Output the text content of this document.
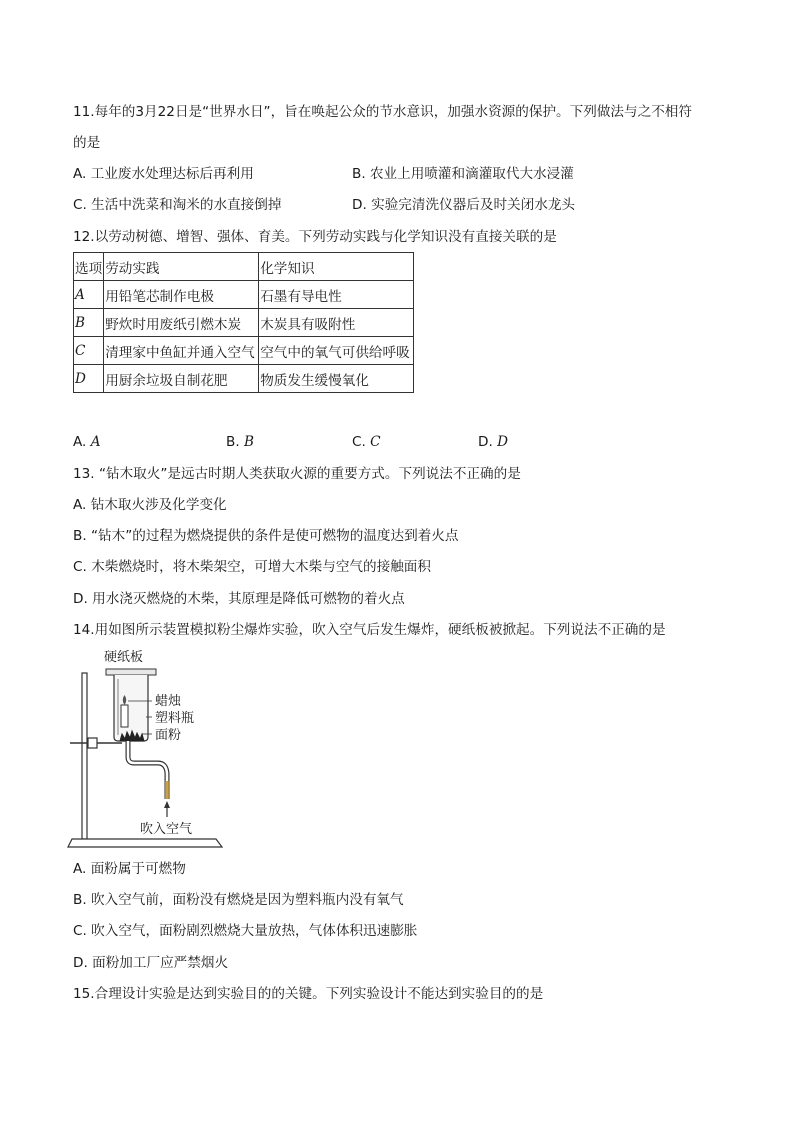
11.每年的3月22日是“世界水日”，旨在唤起公众的节水意识，加强水资源的保护。下列做法与之不相符
的是
A. 工业废水处理达标后再利用	B. 农业上用喷灌和滴灌取代大水浸灌
C. 生活中洗菜和淘米的水直接倒掉	D. 实验完清洗仪器后及时关闭水龙头
12.以劳动树德、增智、强体、育美。下列劳动实践与化学知识没有直接关联的是
选项	劳动实践	化学知识
A	用铅笔芯制作电极	石墨有导电性
B	野炊时用废纸引燃木炭	木炭具有吸附性
C	清理家中鱼缸并通入空气	空气中的氧气可供给呼吸
D	用厨余垃圾自制花肥	物质发生缓慢氧化
A. A	B. B	C. C	D. D
13. “钻木取火”是远古时期人类获取火源的重要方式。下列说法不正确的是
A. 钻木取火涉及化学变化
B. “钻木”的过程为燃烧提供的条件是使可燃物的温度达到着火点
C. 木柴燃烧时，将木柴架空，可增大木柴与空气的接触面积
D. 用水浇灭燃烧的木柴，其原理是降低可燃物的着火点
14.用如图所示装置模拟粉尘爆炸实验，吹入空气后发生爆炸，硬纸板被掀起。下列说法不正确的是
硬纸板
蜡烛
塑料瓶
面粉
吹入空气
A. 面粉属于可燃物
B. 吹入空气前，面粉没有燃烧是因为塑料瓶内没有氧气
C. 吹入空气，面粉剧烈燃烧大量放热，气体体积迅速膨胀
D. 面粉加工厂应严禁烟火
15.合理设计实验是达到实验目的的关键。下列实验设计不能达到实验目的的是
